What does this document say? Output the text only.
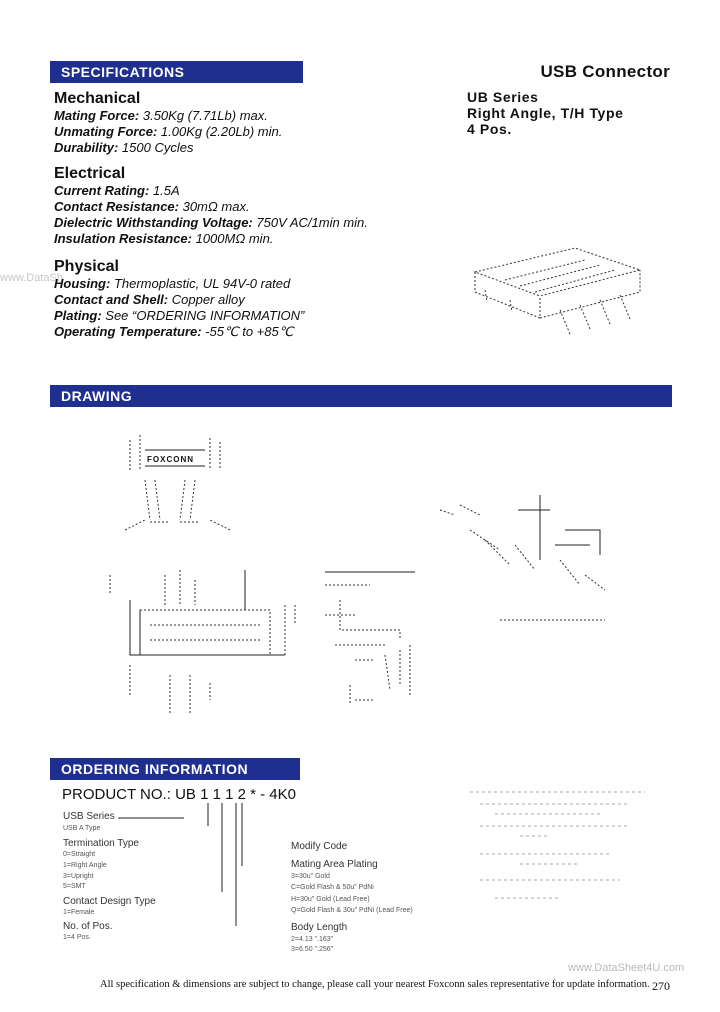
SPECIFICATIONS	USB Connector
UB Series
Right Angle, T/H Type
4 Pos.
Mechanical
Mating Force: 3.50Kg (7.71Lb) max.
Unmating Force: 1.00Kg (2.20Lb) min.
Durability: 1500 Cycles
Electrical
Current Rating: 1.5A
Contact Resistance: 30mΩ max.
Dielectric Withstanding Voltage: 750V AC/1min min.
Insulation Resistance: 1000MΩ min.
www.DataSh
Physical
Housing: Thermoplastic, UL 94V-0 rated
Contact and Shell: Copper alloy
Plating: See “ORDERING INFORMATION”
Operating Temperature: -55℃ to +85℃
DRAWING
FOXCONN
ORDERING INFORMATION
PRODUCT NO.: UB 1 1 1 2 * - 4K0
USB Series
USB A Type
Termination Type
0=Straight
1=Right Angle
3=Upright
5=SMT
Contact Design Type
1=Female
No. of Pos.
1=4 Pos.
Modify Code
Mating Area Plating
3=30u" Gold
C=Gold Flash & 50u" PdNi
H=30u" Gold (Lead Free)
Q=Gold Flash & 30u" PdNi (Lead Free)
Body Length
2=4.13 ".163"
3=6.50 ".256"
www.DataSheet4U.com
All specification & dimensions are subject to change, please call your nearest Foxconn sales representative for update information. 270
